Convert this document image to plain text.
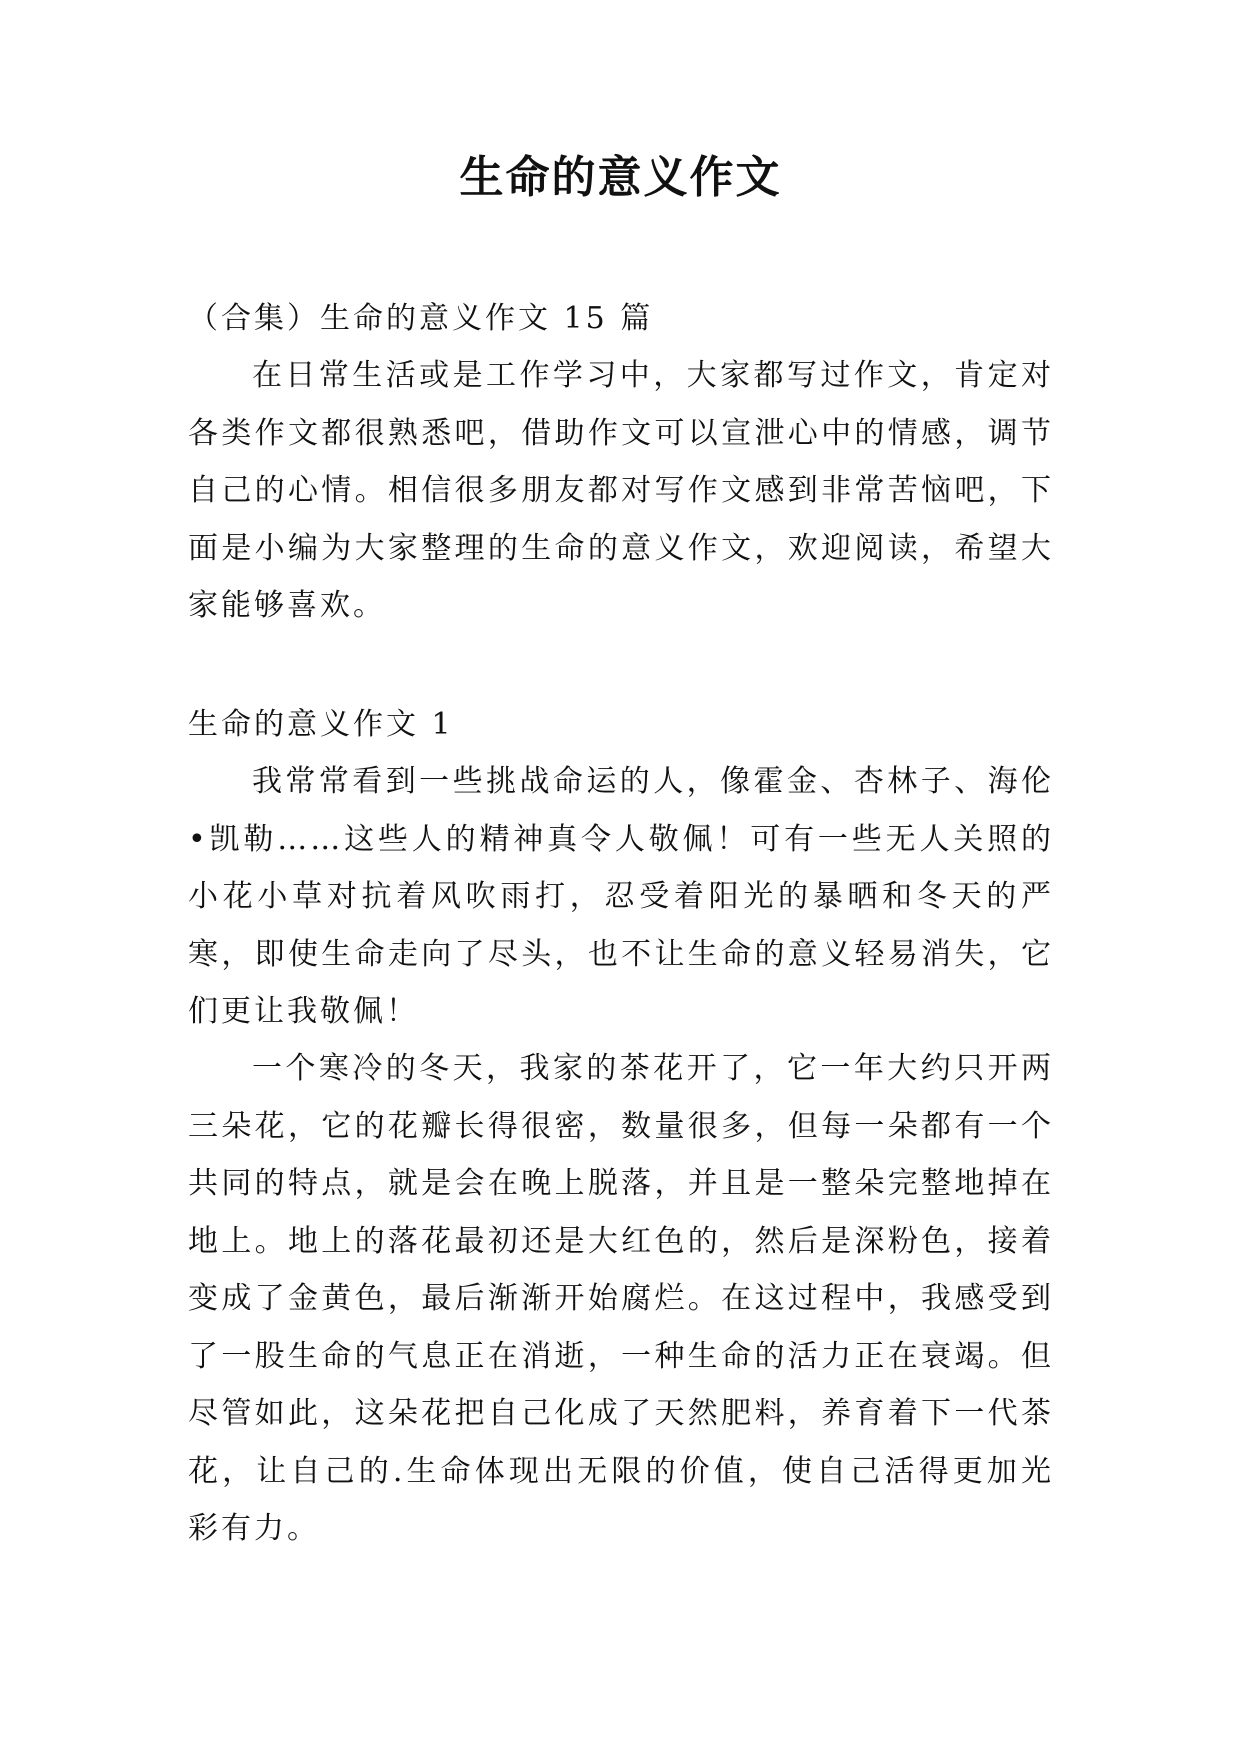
生命的意义作文

（合集）生命的意义作文 15 篇

在日常生活或是工作学习中，大家都写过作文，肯定对各类作文都很熟悉吧，借助作文可以宣泄心中的情感，调节自己的心情。相信很多朋友都对写作文感到非常苦恼吧，下面是小编为大家整理的生命的意义作文，欢迎阅读，希望大家能够喜欢。

生命的意义作文 1

我常常看到一些挑战命运的人，像霍金、杏林子、海伦•凯勒……这些人的精神真令人敬佩！可有一些无人关照的小花小草对抗着风吹雨打，忍受着阳光的暴晒和冬天的严寒，即使生命走向了尽头，也不让生命的意义轻易消失，它们更让我敬佩！

一个寒冷的冬天，我家的茶花开了，它一年大约只开两三朵花，它的花瓣长得很密，数量很多，但每一朵都有一个共同的特点，就是会在晚上脱落，并且是一整朵完整地掉在地上。地上的落花最初还是大红色的，然后是深粉色，接着变成了金黄色，最后渐渐开始腐烂。在这过程中，我感受到了一股生命的气息正在消逝，一种生命的活力正在衰竭。但尽管如此，这朵花把自己化成了天然肥料，养育着下一代茶花，让自己的.生命体现出无限的价值，使自己活得更加光彩有力。
